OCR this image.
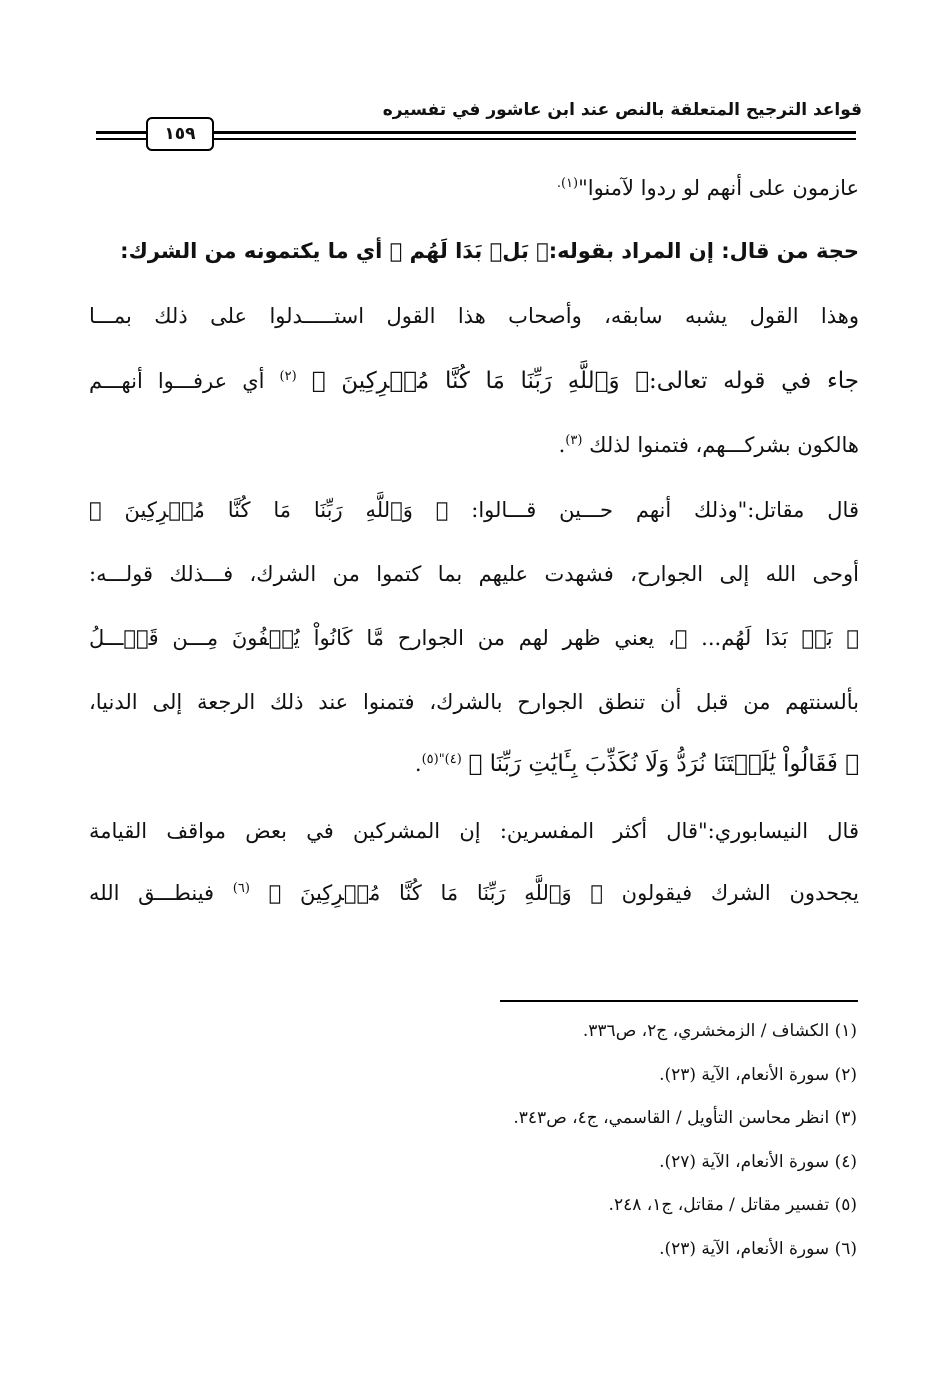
قواعد الترجيح المتعلقة بالنص عند ابن عاشور في تفسيره
١٥٩
عازمون على أنهم لو ردوا لآمنوا"$^{(١).}$
حجة من قال: إن المراد بقوله:﴿ بَلۡ بَدَا لَهُم ﴾ أي ما يكتمونه من الشرك:
وهذا القول يشبه سابقه، وأصحاب هذا القول استـــــدلوا على ذلك بمـــا
جاء في قوله تعالى:﴿ وَٱللَّهِ رَبِّنَا مَا كُنَّا مُشۡرِكِينَ ﴾ $^{(٢)}$ أي عرفـــوا أنهـــم
هالكون بشركـــهم، فتمنوا لذلك $^{(٣)}$.
قال مقاتل:"وذلك أنهم حـــين قـــالوا: ﴿ وَٱللَّهِ رَبِّنَا مَا كُنَّا مُشۡرِكِينَ ﴾
أوحى الله إلى الجوارح، فشهدت عليهم بما كتموا من الشرك، فـــذلك قولـــه:
﴿ بَلۡ بَدَا لَهُم... ﴾، يعني ظهر لهم من الجوارح مَّا كَانُواْ يُخۡفُونَ مِـــن قَبۡـــلُ
بألسنتهم من قبل أن تنطق الجوارح بالشرك، فتمنوا عند ذلك الرجعة إلى الدنيا،
﴿ فَقَالُواْ يَٰلَيۡتَنَا نُرَدُّ وَلَا نُكَذِّبَ بِـَٔايَٰتِ رَبِّنَا ﴾ $^{(٤)"(٥)}$.
قال النيسابوري:"قال أكثر المفسرين: إن المشركين في بعض مواقف القيامة
يجحدون الشرك فيقولون ﴿ وَٱللَّهِ رَبِّنَا مَا كُنَّا مُشۡرِكِينَ ﴾ $^{(٦)}$ فينطـــق الله
(١) الكشاف / الزمخشري، ج٢، ص٣٣٦.
(٢) سورة الأنعام، الآية (٢٣).
(٣) انظر محاسن التأويل / القاسمي، ج٤، ص٣٤٣.
(٤) سورة الأنعام، الآية (٢٧).
(٥) تفسير مقاتل / مقاتل، ج١، ٢٤٨.
(٦) سورة الأنعام، الآية (٢٣).
